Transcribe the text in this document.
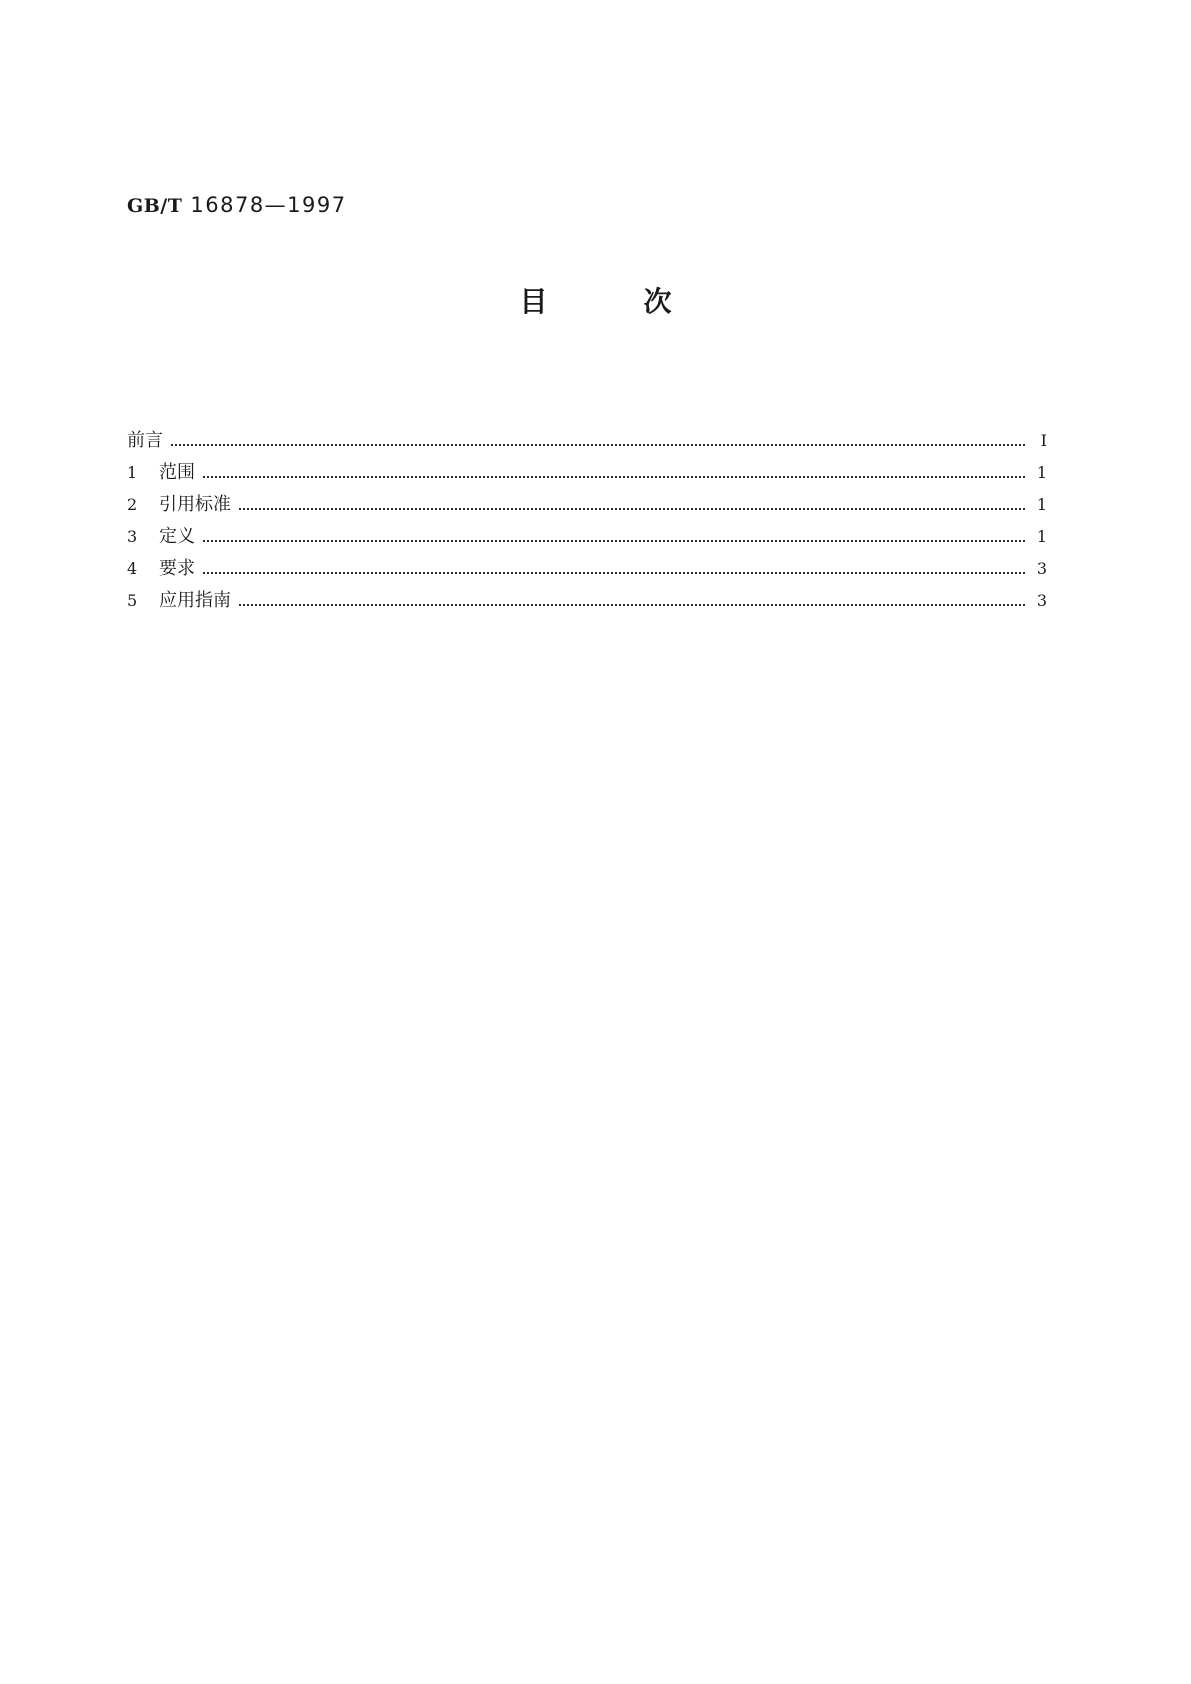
GB/T 16878—1997
目次
前言	I
1	范围	1
2	引用标准	1
3	定义	1
4	要求	3
5	应用指南	3
